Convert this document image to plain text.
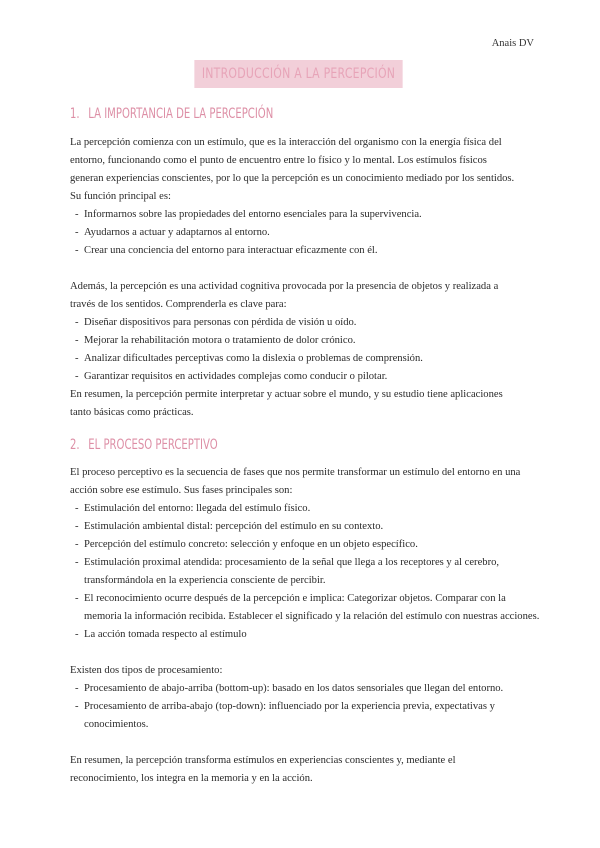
Anais DV
INTRODUCCIÓN A LA PERCEPCIÓN
1. LA IMPORTANCIA DE LA PERCEPCIÓN

La percepción comienza con un estímulo, que es la interacción del organismo con la energía física del

entorno, funcionando como el punto de encuentro entre lo físico y lo mental. Los estímulos físicos

generan experiencias conscientes, por lo que la percepción es un conocimiento mediado por los sentidos.

Su función principal es:

- Informarnos sobre las propiedades del entorno esenciales para la supervivencia.
- Ayudarnos a actuar y adaptarnos al entorno.
- Crear una conciencia del entorno para interactuar eficazmente con él.

Además, la percepción es una actividad cognitiva provocada por la presencia de objetos y realizada a

través de los sentidos. Comprenderla es clave para:

- Diseñar dispositivos para personas con pérdida de visión u oído.
- Mejorar la rehabilitación motora o tratamiento de dolor crónico.
- Analizar dificultades perceptivas como la dislexia o problemas de comprensión.
- Garantizar requisitos en actividades complejas como conducir o pilotar.

En resumen, la percepción permite interpretar y actuar sobre el mundo, y su estudio tiene aplicaciones

tanto básicas como prácticas.

2. EL PROCESO PERCEPTIVO

El proceso perceptivo es la secuencia de fases que nos permite transformar un estímulo del entorno en una

acción sobre ese estímulo. Sus fases principales son:

- Estimulación del entorno: llegada del estímulo físico.
- Estimulación ambiental distal: percepción del estímulo en su contexto.
- Percepción del estímulo concreto: selección y enfoque en un objeto específico.
- Estimulación proximal atendida: procesamiento de la señal que llega a los receptores y al cerebro, transformándola en la experiencia consciente de percibir.
- El reconocimiento ocurre después de la percepción e implica: Categorizar objetos. Comparar con la memoria la información recibida. Establecer el significado y la relación del estímulo con nuestras acciones.
- La acción tomada respecto al estímulo

Existen dos tipos de procesamiento:

- Procesamiento de abajo-arriba (bottom-up): basado en los datos sensoriales que llegan del entorno.
- Procesamiento de arriba-abajo (top-down): influenciado por la experiencia previa, expectativas y conocimientos.

En resumen, la percepción transforma estímulos en experiencias conscientes y, mediante el

reconocimiento, los integra en la memoria y en la acción.
